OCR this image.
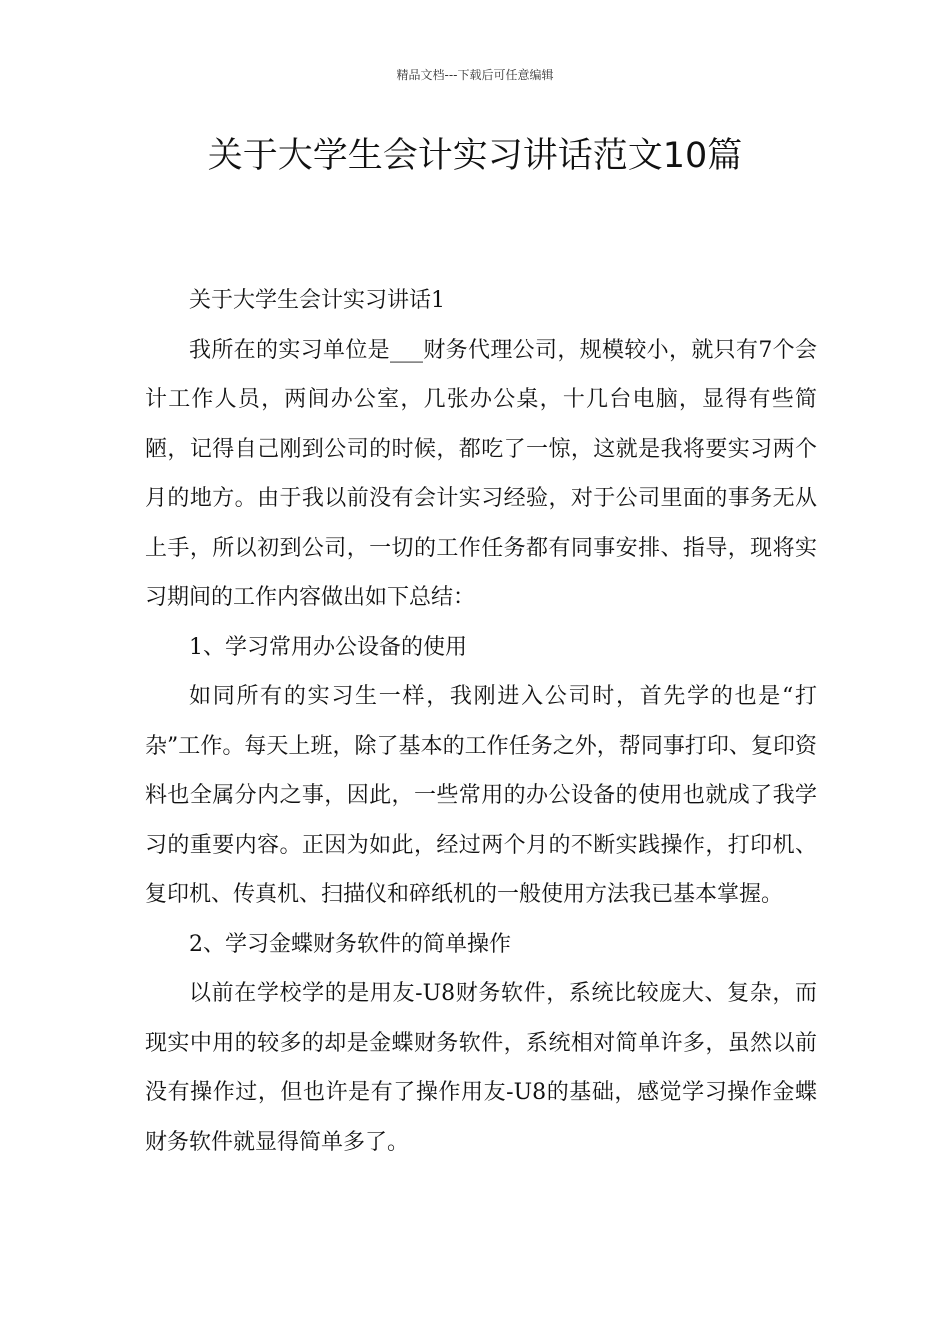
精品文档---下载后可任意编辑
关于大学生会计实习讲话范文10篇

关于大学生会计实习讲话1

我所在的实习单位是___财务代理公司，规模较小，就只有7个会计工作人员，两间办公室，几张办公桌，十几台电脑，显得有些简陋，记得自己刚到公司的时候，都吃了一惊，这就是我将要实习两个月的地方。由于我以前没有会计实习经验，对于公司里面的事务无从上手，所以初到公司，一切的工作任务都有同事安排、指导，现将实习期间的工作内容做出如下总结：

1、学习常用办公设备的使用

如同所有的实习生一样，我刚进入公司时，首先学的也是“打杂”工作。每天上班，除了基本的工作任务之外，帮同事打印、复印资料也全属分内之事，因此，一些常用的办公设备的使用也就成了我学习的重要内容。正因为如此，经过两个月的不断实践操作，打印机、复印机、传真机、扫描仪和碎纸机的一般使用方法我已基本掌握。

2、学习金蝶财务软件的简单操作

以前在学校学的是用友-U8财务软件，系统比较庞大、复杂，而现实中用的较多的却是金蝶财务软件，系统相对简单许多，虽然以前没有操作过，但也许是有了操作用友-U8的基础，感觉学习操作金蝶财务软件就显得简单多了。
